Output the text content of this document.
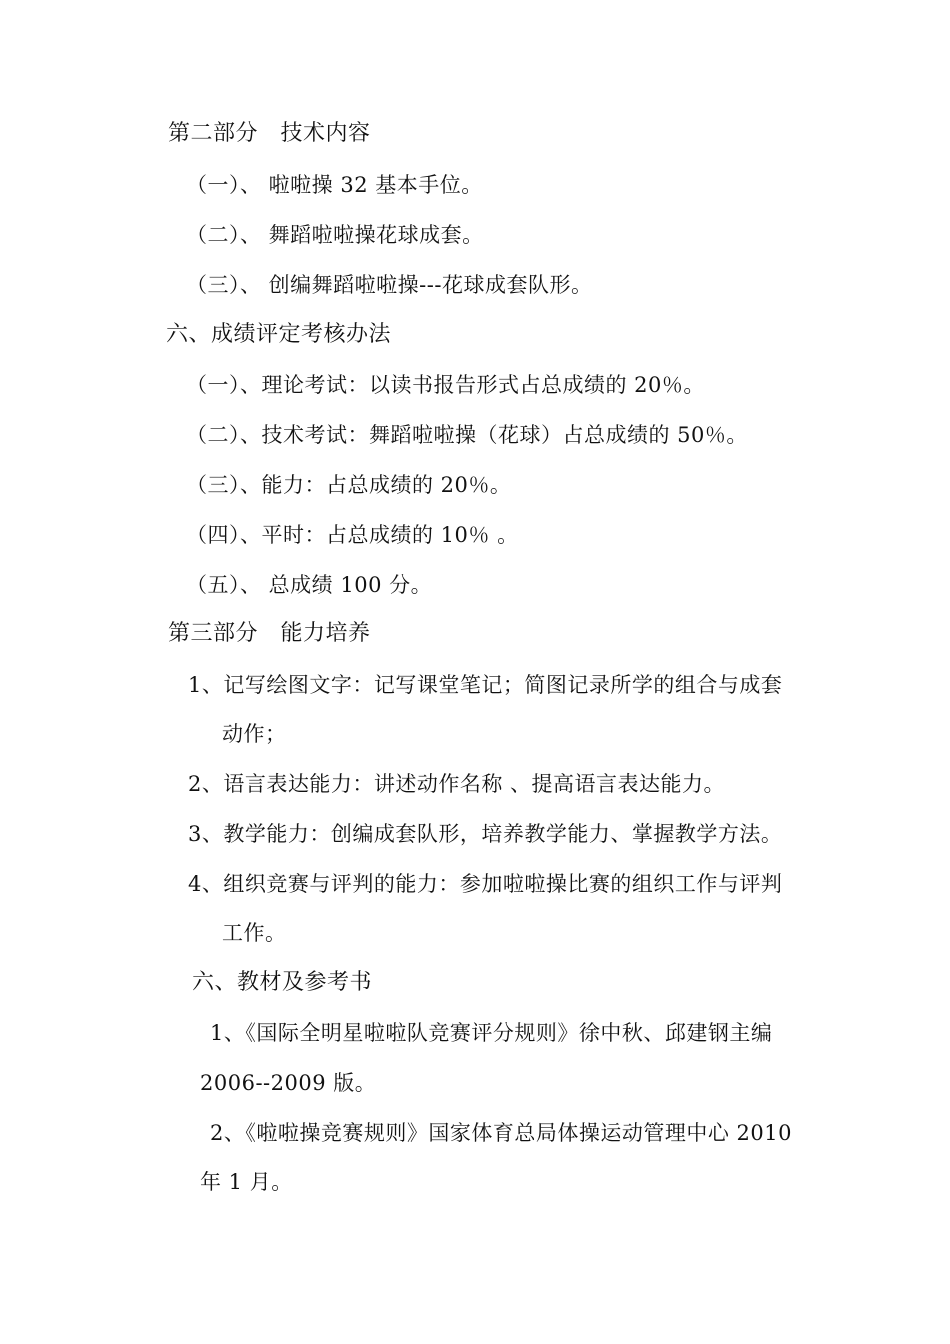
第二部分　技术内容
（一）、 啦啦操 32 基本手位。
（二）、 舞蹈啦啦操花球成套。
（三）、 创编舞蹈啦啦操---花球成套队形。
六、成绩评定考核办法
（一）、理论考试：以读书报告形式占总成绩的 20％。
（二）、技术考试：舞蹈啦啦操（花球）占总成绩的 50％。
（三）、能力：占总成绩的 20％。
（四）、平时：占总成绩的 10％ 。
（五）、 总成绩 100 分。
第三部分　能力培养
1、记写绘图文字：记写课堂笔记；简图记录所学的组合与成套
动作；
2、语言表达能力：讲述动作名称 、提高语言表达能力。
3、教学能力：创编成套队形，培养教学能力、掌握教学方法。
4、组织竞赛与评判的能力：参加啦啦操比赛的组织工作与评判
工作。
六、教材及参考书
1、《国际全明星啦啦队竞赛评分规则》徐中秋、邱建钢主编
2006--2009 版。
2、《啦啦操竞赛规则》国家体育总局体操运动管理中心 2010
年 1 月。
